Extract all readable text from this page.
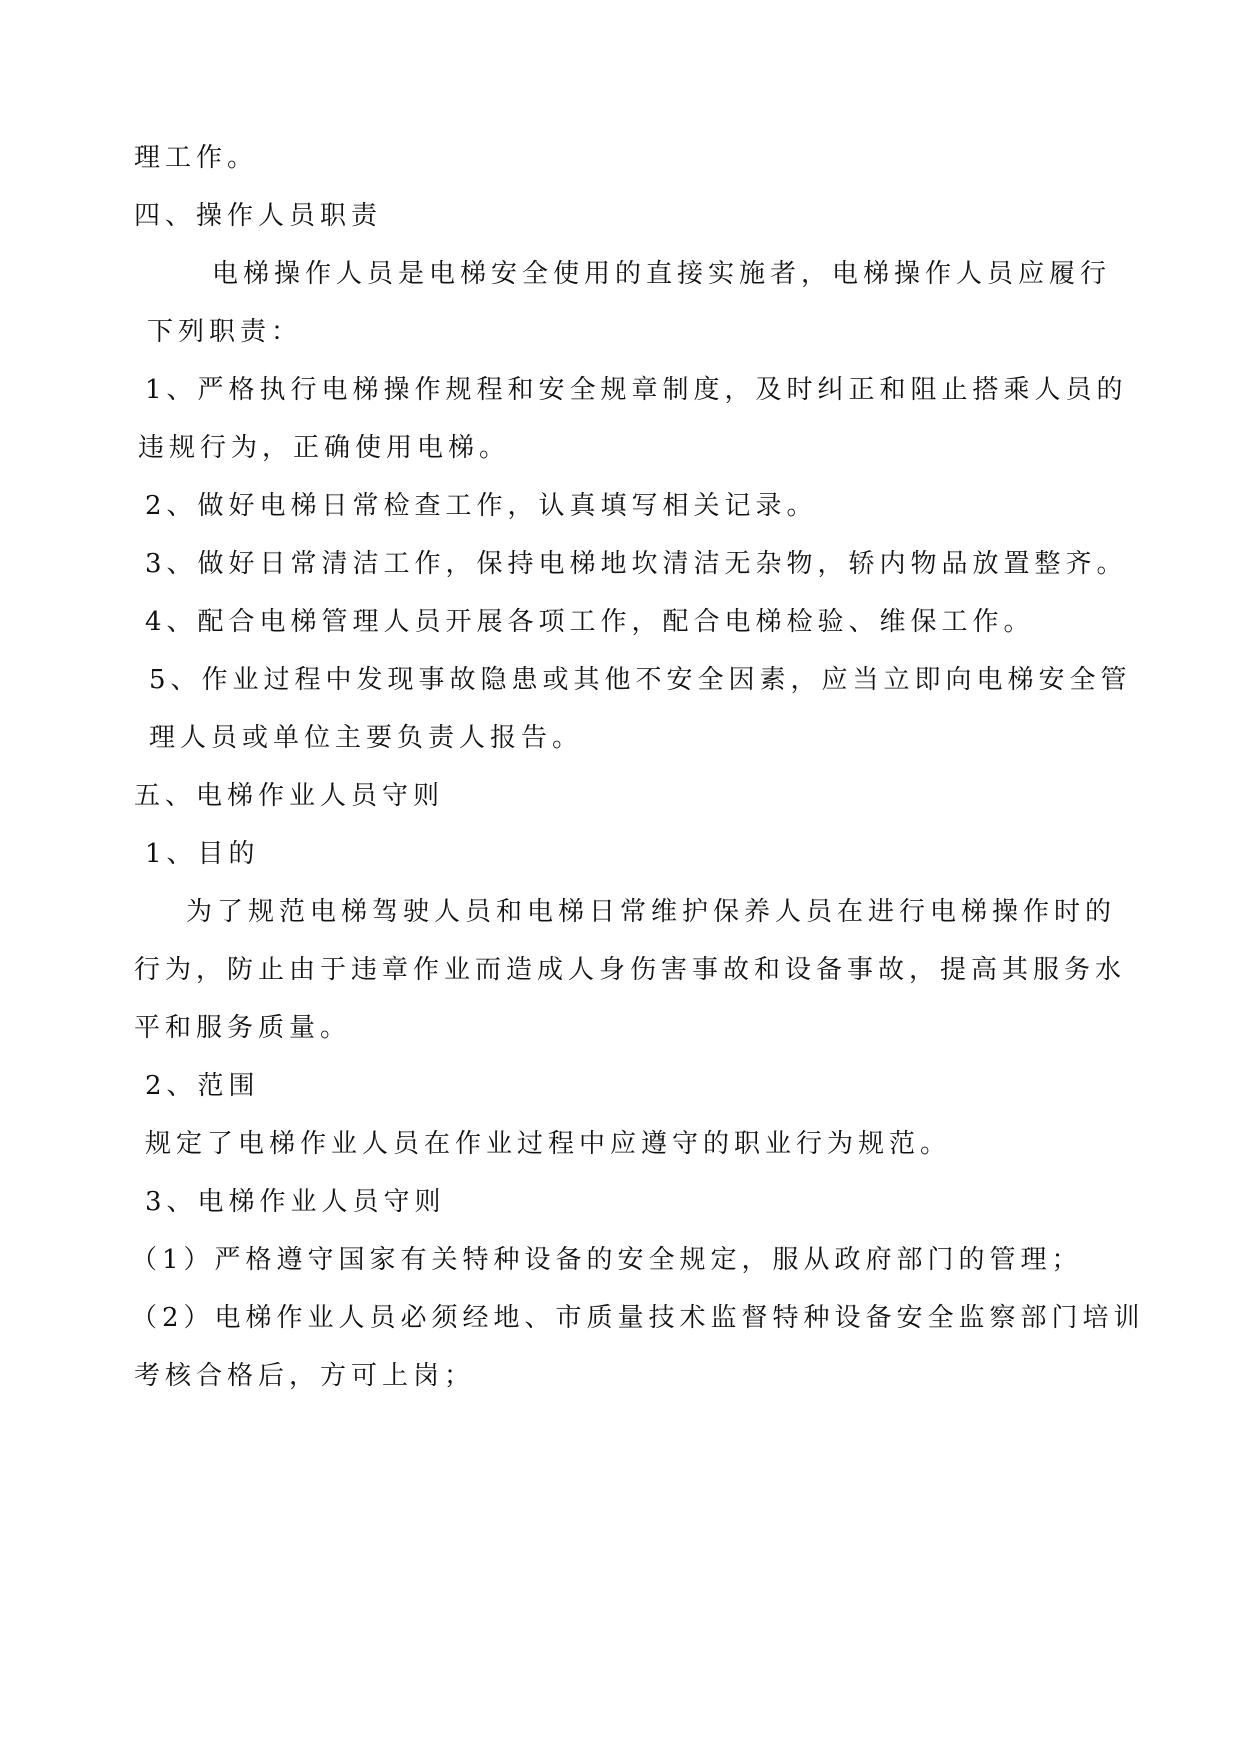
理工作。

四、操作人员职责

电梯操作人员是电梯安全使用的直接实施者，电梯操作人员应履行

下列职责：

1、严格执行电梯操作规程和安全规章制度，及时纠正和阻止搭乘人员的

违规行为，正确使用电梯。

2、做好电梯日常检查工作，认真填写相关记录。

3、做好日常清洁工作，保持电梯地坎清洁无杂物，轿内物品放置整齐。

4、配合电梯管理人员开展各项工作，配合电梯检验、维保工作。

5、作业过程中发现事故隐患或其他不安全因素，应当立即向电梯安全管

理人员或单位主要负责人报告。

五、电梯作业人员守则

1、目的

为了规范电梯驾驶人员和电梯日常维护保养人员在进行电梯操作时的

行为，防止由于违章作业而造成人身伤害事故和设备事故，提高其服务水

平和服务质量。

2、范围

规定了电梯作业人员在作业过程中应遵守的职业行为规范。

3、电梯作业人员守则

（1）严格遵守国家有关特种设备的安全规定，服从政府部门的管理；

（2）电梯作业人员必须经地、市质量技术监督特种设备安全监察部门培训

考核合格后，方可上岗；
